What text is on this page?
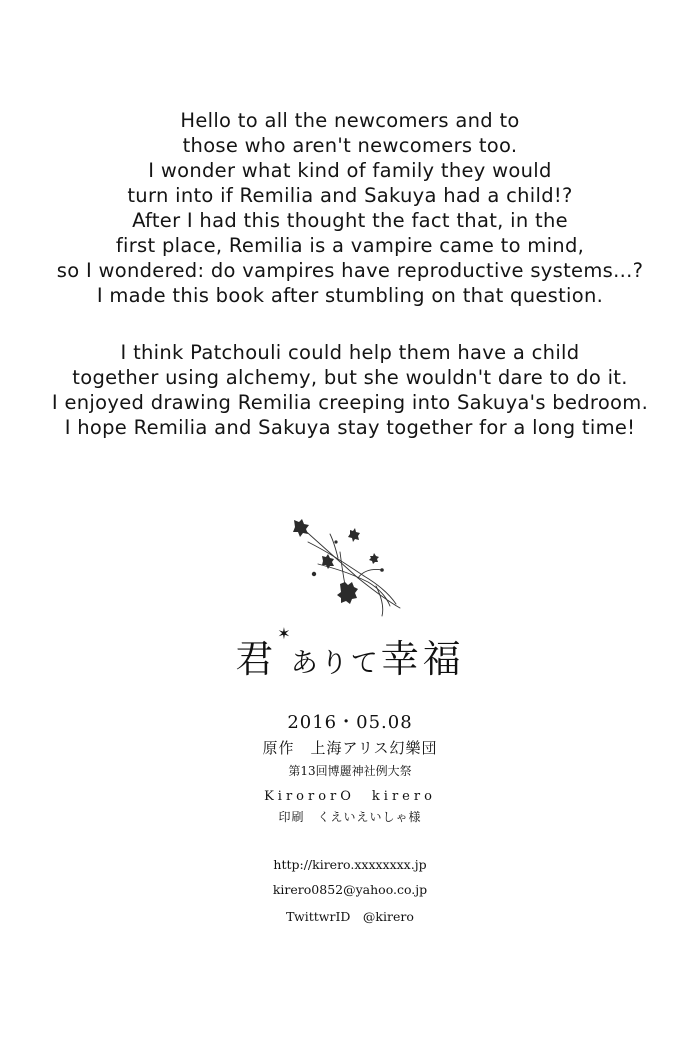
Hello to all the newcomers and to
those who aren't newcomers too.
I wonder what kind of family they would
turn into if Remilia and Sakuya had a child!?
After I had this thought the fact that, in the
first place, Remilia is a vampire came to mind,
so I wondered: do vampires have reproductive systems...?
I made this book after stumbling on that question.

I think Patchouli could help them have a child
together using alchemy, but she wouldn't dare to do it.
I enjoyed drawing Remilia creeping into Sakuya's bedroom.
I hope Remilia and Sakuya stay together for a long time!

君✶ありて幸福
2016・05.08
原作　上海アリス幻樂団
第13回博麗神社例大祭
KirororO　kirero
印刷　くえいえいしゃ様
http://kirero.xxxxxxxx.jp
kirero0852@yahoo.co.jp
TwittwrID　@kirero
